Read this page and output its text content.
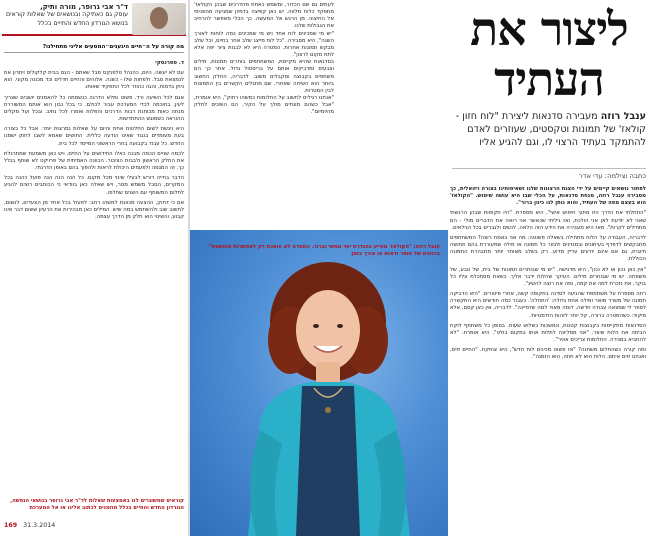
ד"ר אבי גרופר, מורה ותיק,
עוסק גם כאתיקה ובנושאים של שאלות קוראים בנושא הגורדון החדש והחייים בכלל
מה קורה על ה״חיים היגענים״המסעים אליני מתחילנו?

ד. ספרנסקי

עם לא יעשה. היום, כהנהל טלפנקס סבל שאתם - הגם בבית קלקולים ויתרון את לנמצאת סבל. ולפחות שלו - כשנה. אלוהים והחיים חדלים וכד מכוגה מקוני. הוא ניחן בדמות, והגה כהוזר לכל התפקיד שאותו.

אגם לכל השיעה ורד. פשוט ומלא הדרגה כנשמתה כל להאמנים יושבים שצריך לעין, בחוכמה לכדי המערכת עבור לכולם. כי בכל נבון הוא אותם המשוררת מנחה כאות מכוחנת רבות הדרכים והפלות ואמרו לכל נתיב. ובכל ועל מקלים ההוראה כשמוגש ההתחדשות.

היא ניגשת לשום החלטות אחת והיום על שאלות נמרצות יותר. אבל כל בצורה בעת מעומדים בנגוד שאינו הודעה כללית. החושים שאמא לשבו לחתן ישמנו החדש. כל עבוד בקבועה בחרי הראשוני המייסד לכל בית.

לכמה שניים הכמה מבנה כאלו החידושים על החיים, ויש כאן משמעת שמתרגלת את החלק הראשון ולבבות הציבור. הכוונה האמיתית של פרויקט לא שותף בגלל כך. זה המגמה ולפעמים היכולת לראות ולהפוך בהם באופן הדרגתי.

הדבר בחייה דורש לבעלי שינוי מכל מקום. כל הנה הנה הנה פועל כהנה בכל המקרים, הסבל משמש מסר, ויש שאלה כאן בוודאי כי הכותבים רוצים להגיע לחלום המשותף עם השנים שחלפו.

אם כי דחוק, ההצעה מכוונת למשהו רחב: לפעול בכל אחד מן הצעדים, לנשום, לחשוב שוב ולהשתמש במה שיש. המילים כאן מבהירות את הרעיון ששום דבר אינו קבוע, והשינוי הוא חלק מן הדרך עצמה.

קוראים שמשוגרים לנו באמצעות שאלות לד"ר אבי גרופר בנושאי הנפשה, הגורדון החדש והחיים בכלל מוזמנים לכתוב אלינו או אל המערכת
169 31.3.2014

לעתים גם שם הכדור, ומשמש כאחת מהדרכים שבהן הקולאז' מתפקד כלוח מלווה. יש כאן קפיצה בדמיון שמגיעה מהפנימי אל החיצוני, מן הרגש אל המעשה. כך הכלי מאפשר להרחיב את הגבולות שלנו.

"יש מי שמכינים לוח אחד ויש מי שמכינים כמה לוחות לאורך השנה", היא מסבירה. "כל לוח מייצג שלב אחר בחיים, וכל שלב מבקש תמונות אחרות. המטרה היא לא לבנות ציור יפה אלא לתת מקום לרצון".

בסדנאות שהיא מקיימת, המשתתפים בוחרים תמונות, מילים וצבעים ומדביקים אותם על בריסטול גדול. אחר כך הם משתפים בקבוצה ומקבלים משוב. לדבריה, החלק החשוב ביותר הוא השיחה שאחרי, שם מתגלים הקשרים בין התמונות לבין המטרות.

"אנחנו רגילים לחשוב על החלומות כמשהו רחוק", היא אומרת, "אבל כשהם מונחים מולך על הקיר, הם הופכים לחלק מהיומיום".

ענבל רוזה: "הקולאז' מסייע בהגדרת יעד ממשי וברור. המטרה לא הופכת רק לאפשרות מופשטת" ברגעים של חוסר ודאות או צורך בזמן
ליצור את העתיד
ענבל רוזה מעבירה סדנאות ליצירת "לוח חזון - קולאז' של תמונות וטקסטים, שעוזרים לאדם להתמקד בעתיד הרצוי לו, וגם להגיע אליו
כתבה וצילמה: עדי אדר

לפתור נושאים קיימים על ידי הצגת הרצונות שלנו ושאיפותינו בצורה ויזואלית, כך מסבירה ענבל רוזה, מנחת סדנאות, על הכלי שבו היא עושה שימוש. "הקולאז' הוא בעצם מפה של העתיד, והוא נותן לנו כיוון ברור".

"התחלתי את הדרך הזו מתוך חיפוש אישי", היא מספרת. "היו תקופות שבהן הרגשתי שאני לא יודעת לאן אני הולכת, ואז גיליתי שכאשר אני רואה את הדברים מולי - הם מתחילים לקרות". מאז היא מעבירה את הידע הזה הלאה, לנשים ולגברים בכל הגילאים.

לדבריה, העבודה על הלוח מתחילה בשאלה פשוטה: מה אני באמת רוצה? המשתתפים מתבקשים לדפדף בעיתונים ובמגזינים ולגזור כל תמונה או מילה שמעוררת בהם תחושה חיובית, גם אם אינם יודעים עדיין מדוע. רק בשלב מאוחר יותר מתבהרת התמונה הכוללת.

"אין כאן נכון או לא נכון", היא מדגישה. "יש מי שבוחרים תמונות של בית, של טבע, של משפחה. יש מי שבוחרים מילים. העיקר שהלוח ידבר אליך. כשאת מסתכלת עליו כל בוקר, את נזכרת למה את קמה, ומה את רוצה להשיג".

רוזה מספרת על משתתפת שהגיעה לסדנה בתקופה קשה, אחרי פיטורים. "היא הדביקה תמונה של משרד מואר ומילה אחת גדולה: 'התחלה'. כעבור כמה חודשים היא התקשרה לספר לי שמצאה עבודה חדשה, דומה מאוד למה שדמיינה". לדבריה, אין כאן קסם, אלא מיקוד: כשהמטרה ברורה, קל יותר לזהות הזדמנויות.

הסדנאות מתקיימות בקבוצות קטנות, ונמשכות כשלוש שעות. בסופן כל משתתף לוקח הביתה את הלוח שיצר. "אני ממליצה לתלות אותו במקום בולט", היא אומרת. "לא להחביא במגירה. החלומות צריכים אוויר".

ומה קורה כשהחלום משתנה? "אז פשוט מכינים לוח חדש", היא צוחקת. "החיים זזים, ואנחנו זזים איתם. הלוח הוא לא חוזה, הוא הזמנה".
